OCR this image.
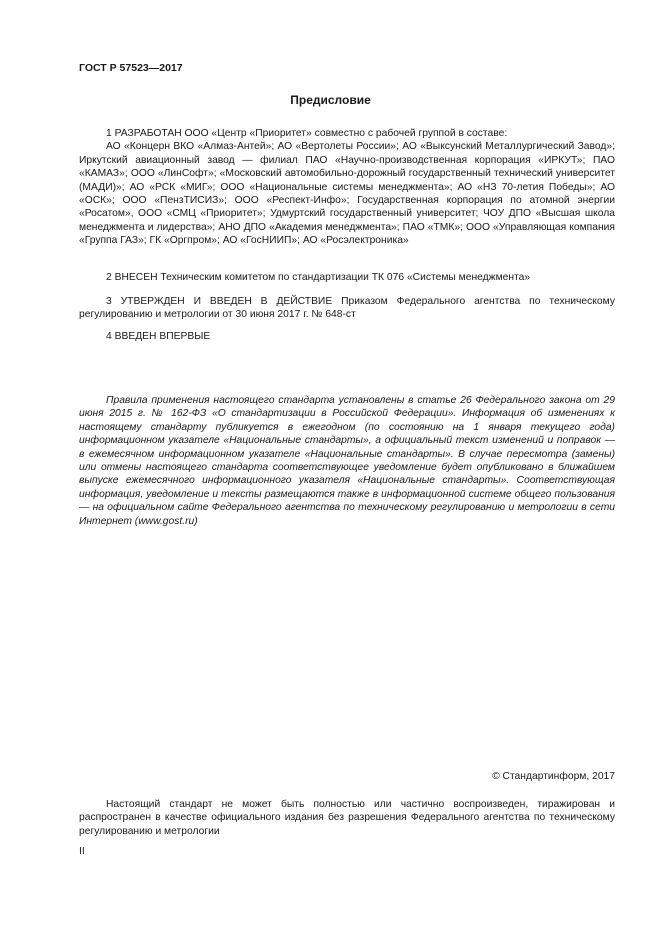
ГОСТ Р 57523—2017
Предисловие

1 РАЗРАБОТАН ООО «Центр «Приоритет» совместно с рабочей группой в составе:

АО «Концерн ВКО «Алмаз-Антей»; АО «Вертолеты России»; АО «Выксунский Металлургический Завод»; Иркутский авиационный завод — филиал ПАО «Научно-производственная корпорация «ИРКУТ»; ПАО «КАМАЗ»; ООО «ЛинСофт»; «Московский автомобильно-дорожный государственный технический университет (МАДИ)»; АО «РСК «МИГ»; ООО «Национальные системы менеджмента»; АО «НЗ 70-летия Победы»; АО «ОСК»; ООО «ПензТИСИЗ»; ООО «Респект-Инфо»; Государственная корпорация по атомной энергии «Росатом», ООО «СМЦ «Приоритет»; Удмуртский государственный университет; ЧОУ ДПО «Высшая школа менеджмента и лидерства»; АНО ДПО «Академия менеджмента»; ПАО «ТМК»; ООО «Управляющая компания «Группа ГАЗ»; ГК «Оргпром»; АО «ГосНИИП»; АО «Росэлектроника»

2 ВНЕСЕН Техническим комитетом по стандартизации ТК 076 «Системы менеджмента»

3 УТВЕРЖДЕН И ВВЕДЕН В ДЕЙСТВИЕ Приказом Федерального агентства по техническому регулированию и метрологии от 30 июня 2017 г. № 648-ст

4 ВВЕДЕН ВПЕРВЫЕ

Правила применения настоящего стандарта установлены в статье 26 Федерального закона от 29 июня 2015 г. № 162-ФЗ «О стандартизации в Российской Федерации». Информация об изменениях к настоящему стандарту публикуется в ежегодном (по состоянию на 1 января текущего года) информационном указателе «Национальные стандарты», а официальный текст изменений и поправок — в ежемесячном информационном указателе «Национальные стандарты». В случае пересмотра (замены) или отмены настоящего стандарта соответствующее уведомление будет опубликовано в ближайшем выпуске ежемесячного информационного указателя «Национальные стандарты». Соответствующая информация, уведомление и тексты размещаются также в информационной системе общего пользования — на официальном сайте Федерального агентства по техническому регулированию и метрологии в сети Интернет (www.gost.ru)

© Стандартинформ, 2017

Настоящий стандарт не может быть полностью или частично воспроизведен, тиражирован и распространен в качестве официального издания без разрешения Федерального агентства по техническому регулированию и метрологии

II
